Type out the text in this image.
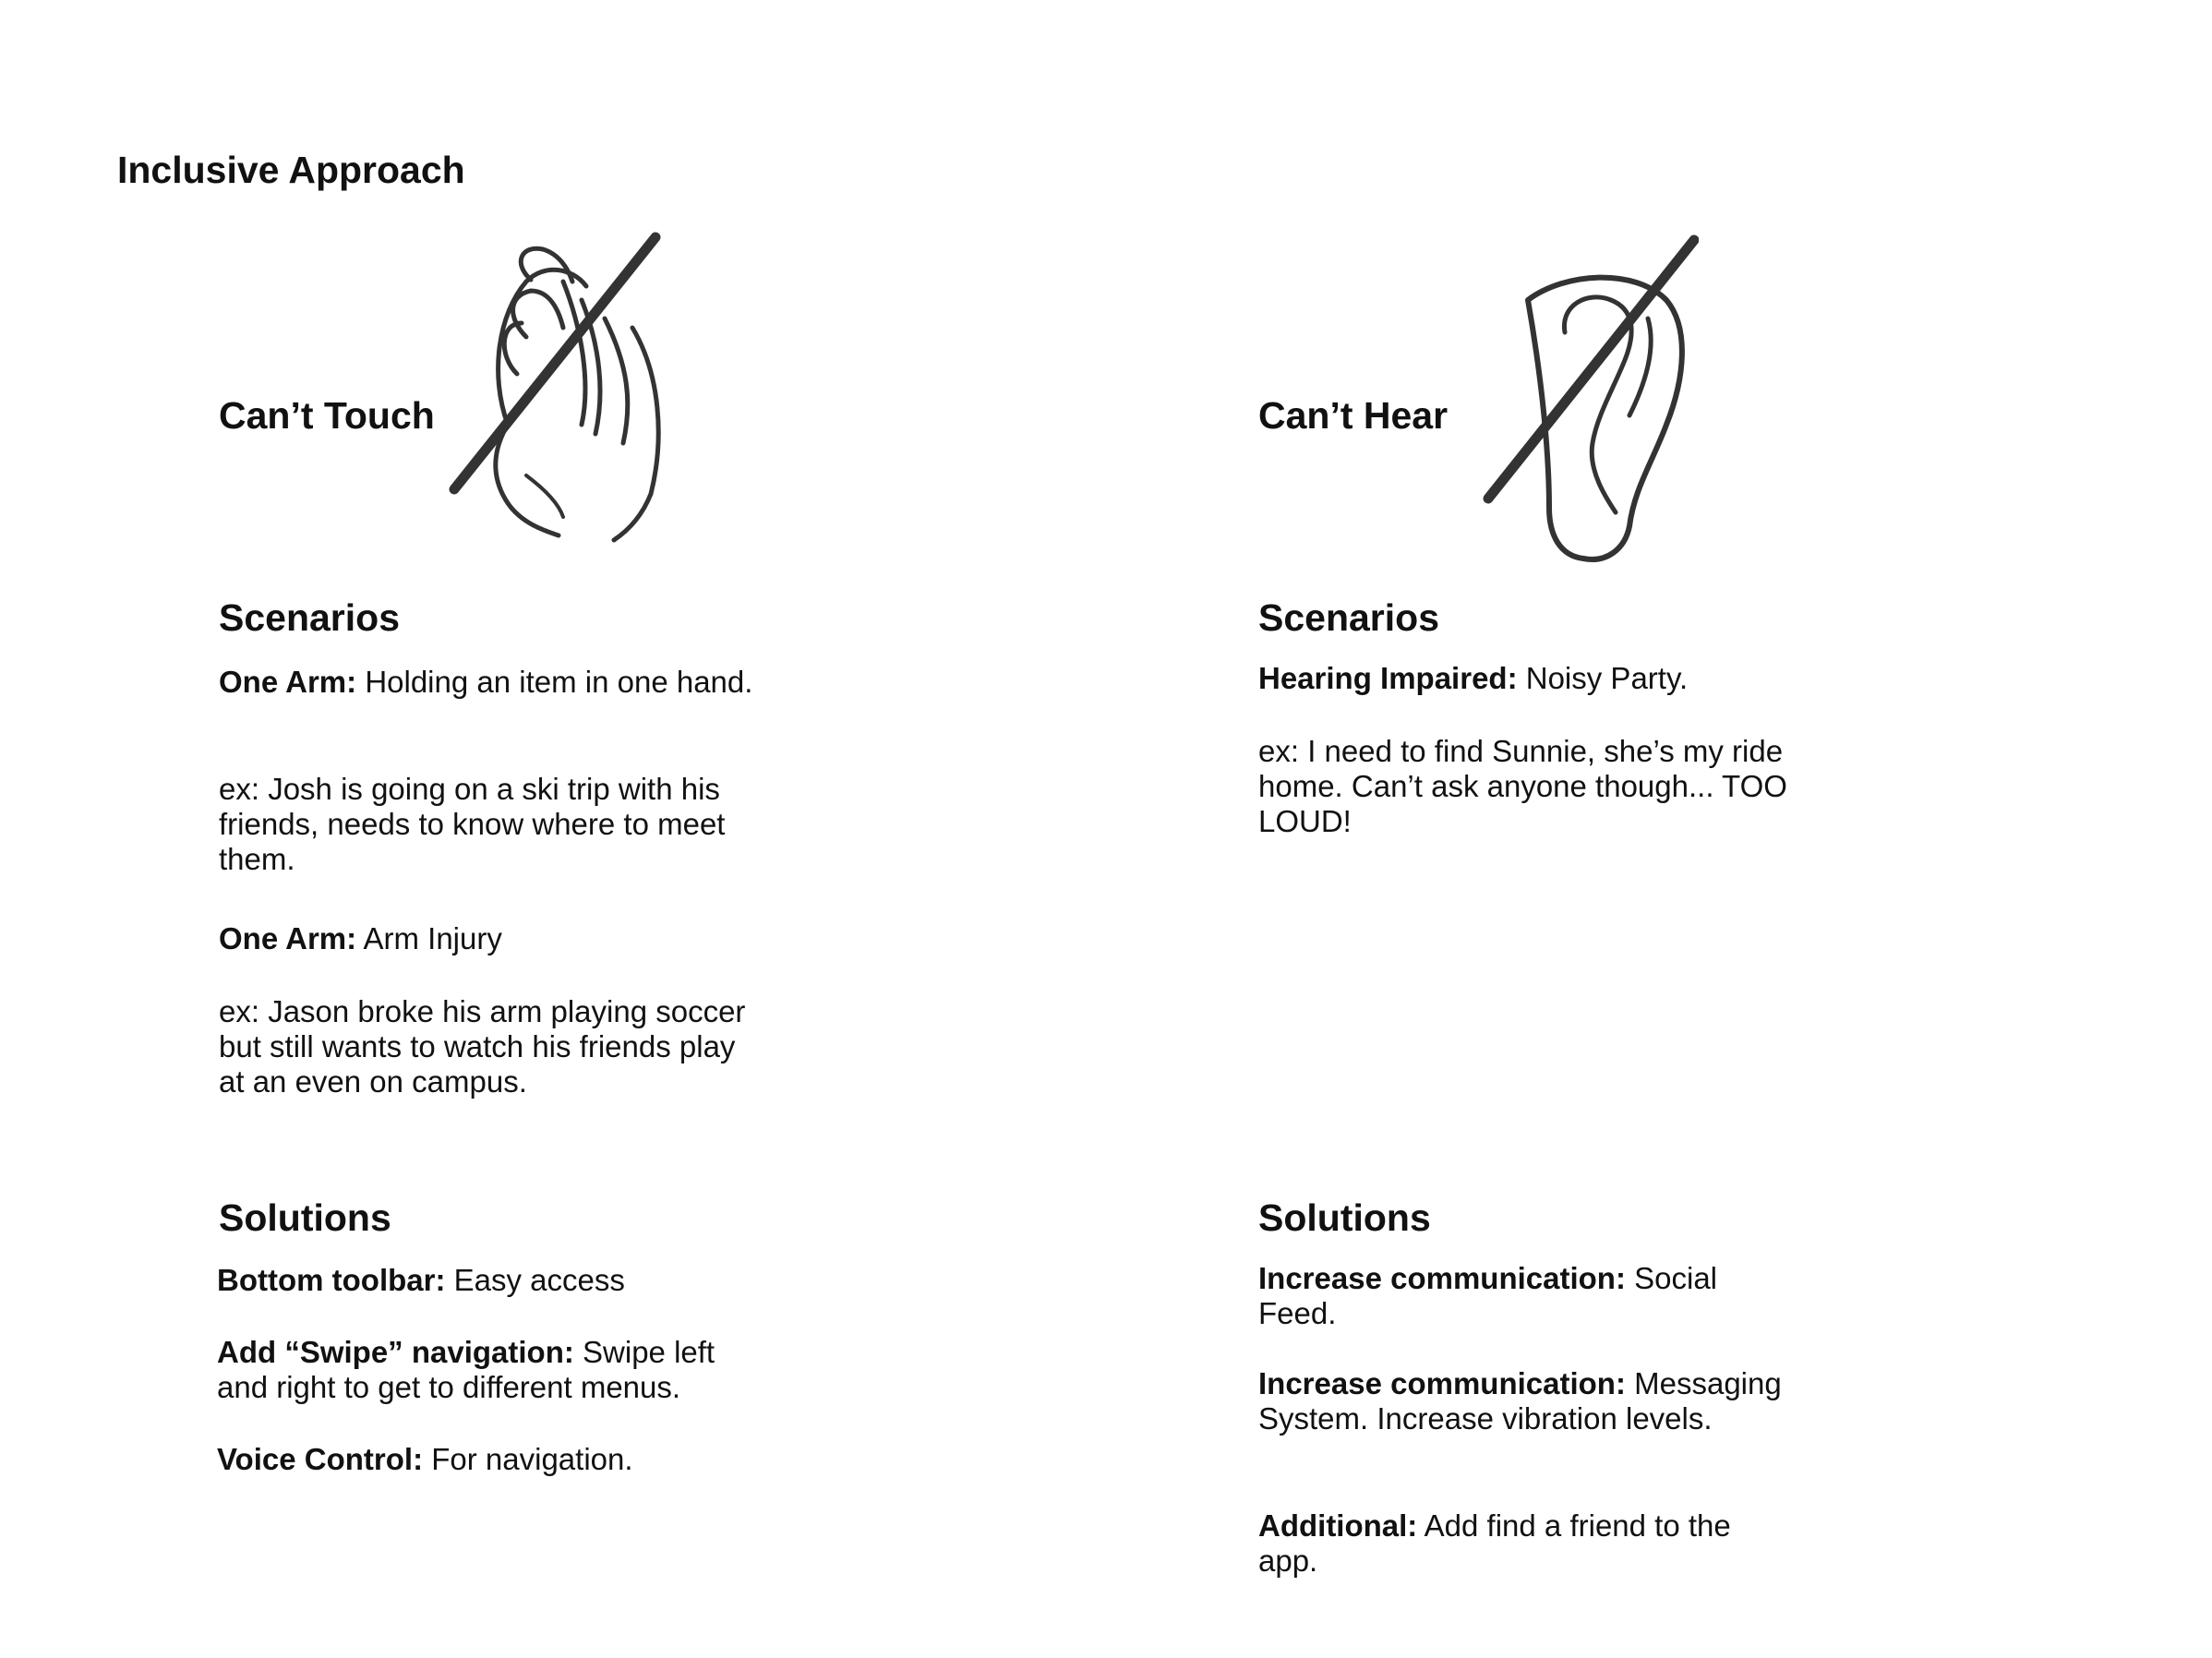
Inclusive Approach
Can’t Touch
Scenarios
One Arm: Holding an item in one hand.
ex: Josh is going on a ski trip with his friends, needs to know where to meet them.
One Arm: Arm Injury
ex: Jason broke his arm playing soccer but still wants to watch his friends play at an even on campus.
Solutions
Bottom toolbar: Easy access
Add “Swipe” navigation: Swipe left and right to get to different menus.
Voice Control: For navigation.
Can’t Hear
Scenarios
Hearing Impaired: Noisy Party.
ex: I need to find Sunnie, she’s my ride home. Can’t ask anyone though... TOO LOUD!
Solutions
Increase communication: Social Feed.
Increase communication: Messaging System. Increase vibration levels.
Additional: Add find a friend to the app.
